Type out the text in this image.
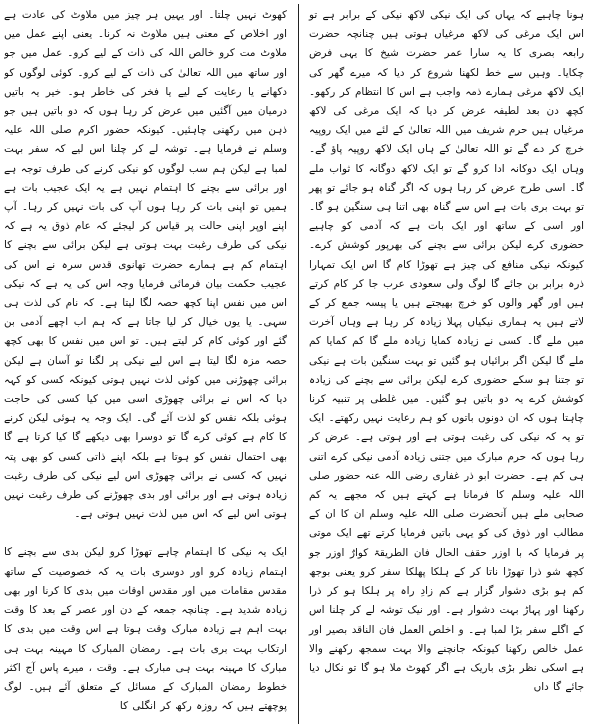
ہونا چاہیے کہ یہاں کی ایک نیکی لاکھ نیکی کے برابر ہے تو اس ایک مرغی کی لاکھ مرغیاں ہوتی ہیں چنانچہ حضرت رابعہ بصری کا یہ سارا عمر حضرت شیخ کا یہی فرض چکایا۔ وہیں سے خط لکھنا شروع کر دیا کہ میرے گھر کی ایک لاکھ مرغی ہمارے ذمہ واجب ہے اس کا انتظام کر رکھو۔ کچھ دن بعد لطیفہ عرض کر دیا کہ ایک مرغی کی لاکھ مرغیاں ہیں حرم شریف میں اللہ تعالیٰ کے لئے میں ایک روپیہ خرچ کر دے گے تو اللہ تعالیٰ کے ہاں ایک لاکھ روپیہ پاؤ گے۔ وہاں ایک دوکانہ ادا کرو گے تو ایک لاکھ دوگانہ کا ثواب ملے گا۔ اسی طرح عرض کر رہا ہوں کہ اگر گناہ ہو جائے تو پھر تو بہت بری بات ہے اس سے گناہ بھی اتنا ہی سنگین ہو گا۔ اور اسی کے ساتھ اور ایک بات ہے کہ آدمی کو چاہیے حضوری کرے لیکن برائی سے بچنے کی بھرپور کوشش کرے۔ کیونکہ نیکی منافع کی چیز ہے تھوڑا کام گا اس ایک تمہارا ذرہ برابر بن جائے گا لوگ ولی سعودی عرب جا کر کام کرتے ہیں اور گھر والوں کو خرچ بھیجتے ہیں یا پیسہ جمع کر کے لاتے ہیں یہ ہماری نیکیاں پہلا زیادہ کر رہا ہے وہاں آخرت میں ملے گا۔ کسی نے زیادہ کمایا زیادہ ملے گا کم کمایا کم ملے گا لیکن اگر برائیاں ہو گئیں تو بہت سنگین بات ہے نیکی تو جتنا ہو سکے حضوری کرے لیکن برائی سے بچنے کی زیادہ کوشش کرے یہ دو باتیں ہو گئیں۔ میں غلطی پر تنبیہ کرنا چاہتا ہوں کہ ان دونوں باتوں کو ہم رعایت نہیں رکھتے۔ ایک تو یہ کہ نیکی کی رغبت ہوتی ہے اور ہوتی ہے۔ عرض کر رہا ہوں کہ حرم مبارک میں جتنی زیادہ آدمی نیکی کرے اتنی ہی کم ہے۔ حضرت ابو ذر غفاری رضی اللہ عنہ حضور صلی اللہ علیہ وسلم کا فرمانا ہے کہتے ہیں کہ مجھے یہ کم صحابی ملے ہیں آنحضرت صلی اللہ علیہ وسلم ان کا ان کے مطالب اور ذوق کی کو یہی باتیں فرمایا کرتے تھے ایک موتی پر فرمایا کہ با اوزر حقف الحال فان الطریقۃ کوارٌ اوزر جو کچھ شو ذرا تھوڑا ناتا کر کے ہلکا پھلکا سفر کرو یعنی بوجھ کم ہو بڑی دشوار گزار ہے کم زادِ راہ پر ہلکا ہو کر ذرا رکھنا اور پہاڑ بہت دشوار ہے۔ اور نیک توشہ لے کر چلنا اس کے اگلے سفر بڑا لمبا ہے۔ و اخلص العمل فان الناقد بصیر اور عمل خالص رکھنا کیونکہ جانچنے والا بہت سمجھ رکھنے والا ہے اسکی نظر بڑی باریک ہے اگر کھوٹ ملا ہو گا تو نکال دیا جائے گا داں

کھوٹ نہیں چلتا۔ اور یہیں ہر چیز میں ملاوٹ کی عادت ہے اور اخلاص کے معنی ہیں ملاوٹ نہ کرنا۔ یعنی اپنے عمل میں ملاوٹ مت کرو خالص اللہ کی ذات کے لیے کرو۔ عمل میں جو اور ساتھ میں اللہ تعالیٰ کی ذات کے لیے کرو۔ کوئی لوگوں کو دکھانے یا رعایت کے لیے یا فخر کی خاطر ہو۔ خیر یہ باتیں درمیان میں آگئیں میں عرض کر رہا ہوں کہ دو باتیں ہیں جو ذہن میں رکھنی چاہئیں۔ کیونکہ حضور اکرم صلی اللہ علیہ وسلم نے فرمایا ہے۔ توشہ لے کر چلنا اس لیے کہ سفر بہت لمبا ہے لیکن ہم سب لوگوں کو نیکی کرنے کی طرف توجہ ہے اور برائی سے بچنے کا اہتمام نہیں ہے یہ ایک عجیب بات ہے ہمیں تو اپنی بات کر رہا ہوں آپ کی بات نہیں کر رہا۔ آپ اپنے اوپر اپنی حالت پر قیاس کر لیجئے کہ عام ذوق یہ ہے کہ نیکی کی طرف رغبت بہت ہوتی ہے لیکن برائی سے بچنے کا اہتمام کم ہے ہمارے حضرت تھانوی قدس سرہ نے اس کی عجیب حکمت بیان فرمائی فرمایا وجہ اس کی یہ ہے کہ نیکی اس میں نفس اپنا کچھ حصہ لگا لیتا ہے۔ کہ نام کی لذت ہی سہی۔ یا یوں خیال کر لیا جاتا ہے کہ ہم اب اچھے آدمی بن گئے اور کوئی کام کر لیتے ہیں۔ تو اس میں نفس کا بھی کچھ حصہ مزہ لگا لیتا ہے اس لیے نیکی پر لگنا تو آسان ہے لیکن برائی چھوڑنی میں کوئی لذت نہیں ہوتی کیونکہ کسی کو کہہ دیا کہ اس نے برائی چھوڑی اسی میں کیا کسی کی حاجت ہوئی بلکہ نفس کو لذت آئے گی۔ ایک وجہ یہ ہوئی لیکن کرنے کا کام ہے کوئی کرے گا تو دوسرا بھی دیکھے گا کیا کرتا ہے گا بھی احتمال نفس کو ہوتا ہے بلکہ اپنے ذاتی کسی کو بھی پتہ نہیں کہ کسی نے برائی چھوڑی اس لیے نیکی کی طرف رغبت زیادہ ہوتی ہے اور برائی اور بدی چھوڑنے کی طرف رغبت نہیں ہوتی اس لیے کہ اس میں لذت نہیں ہوتی ہے۔

ایک یہ نیکی کا اہتمام چاہے تھوڑا کرو لیکن بدی سے بچنے کا اہتمام زیادہ کرو اور دوسری بات یہ کہ خصوصیت کے ساتھ مقدس مقامات میں اور مقدس اوقات میں بدی کا کرنا اور بھی زیادہ شدید ہے۔ چنانچہ جمعہ کے دن اور عصر کے بعد کا وقت بہت اہم ہے زیادہ مبارک وقت ہوتا ہے اس وقت میں بدی کا ارتکاب بہت بری بات ہے۔ رمضان المبارک کا مہینہ بہت ہی مبارک کا مہینہ بہت ہی مبارک ہے۔ وقت ، میرے پاس آج اکثر خطوط رمضان المبارک کے مسائل کے متعلق آئے ہیں۔ لوگ پوچھتے ہیں کہ روزہ رکھ کر انگلی کا
